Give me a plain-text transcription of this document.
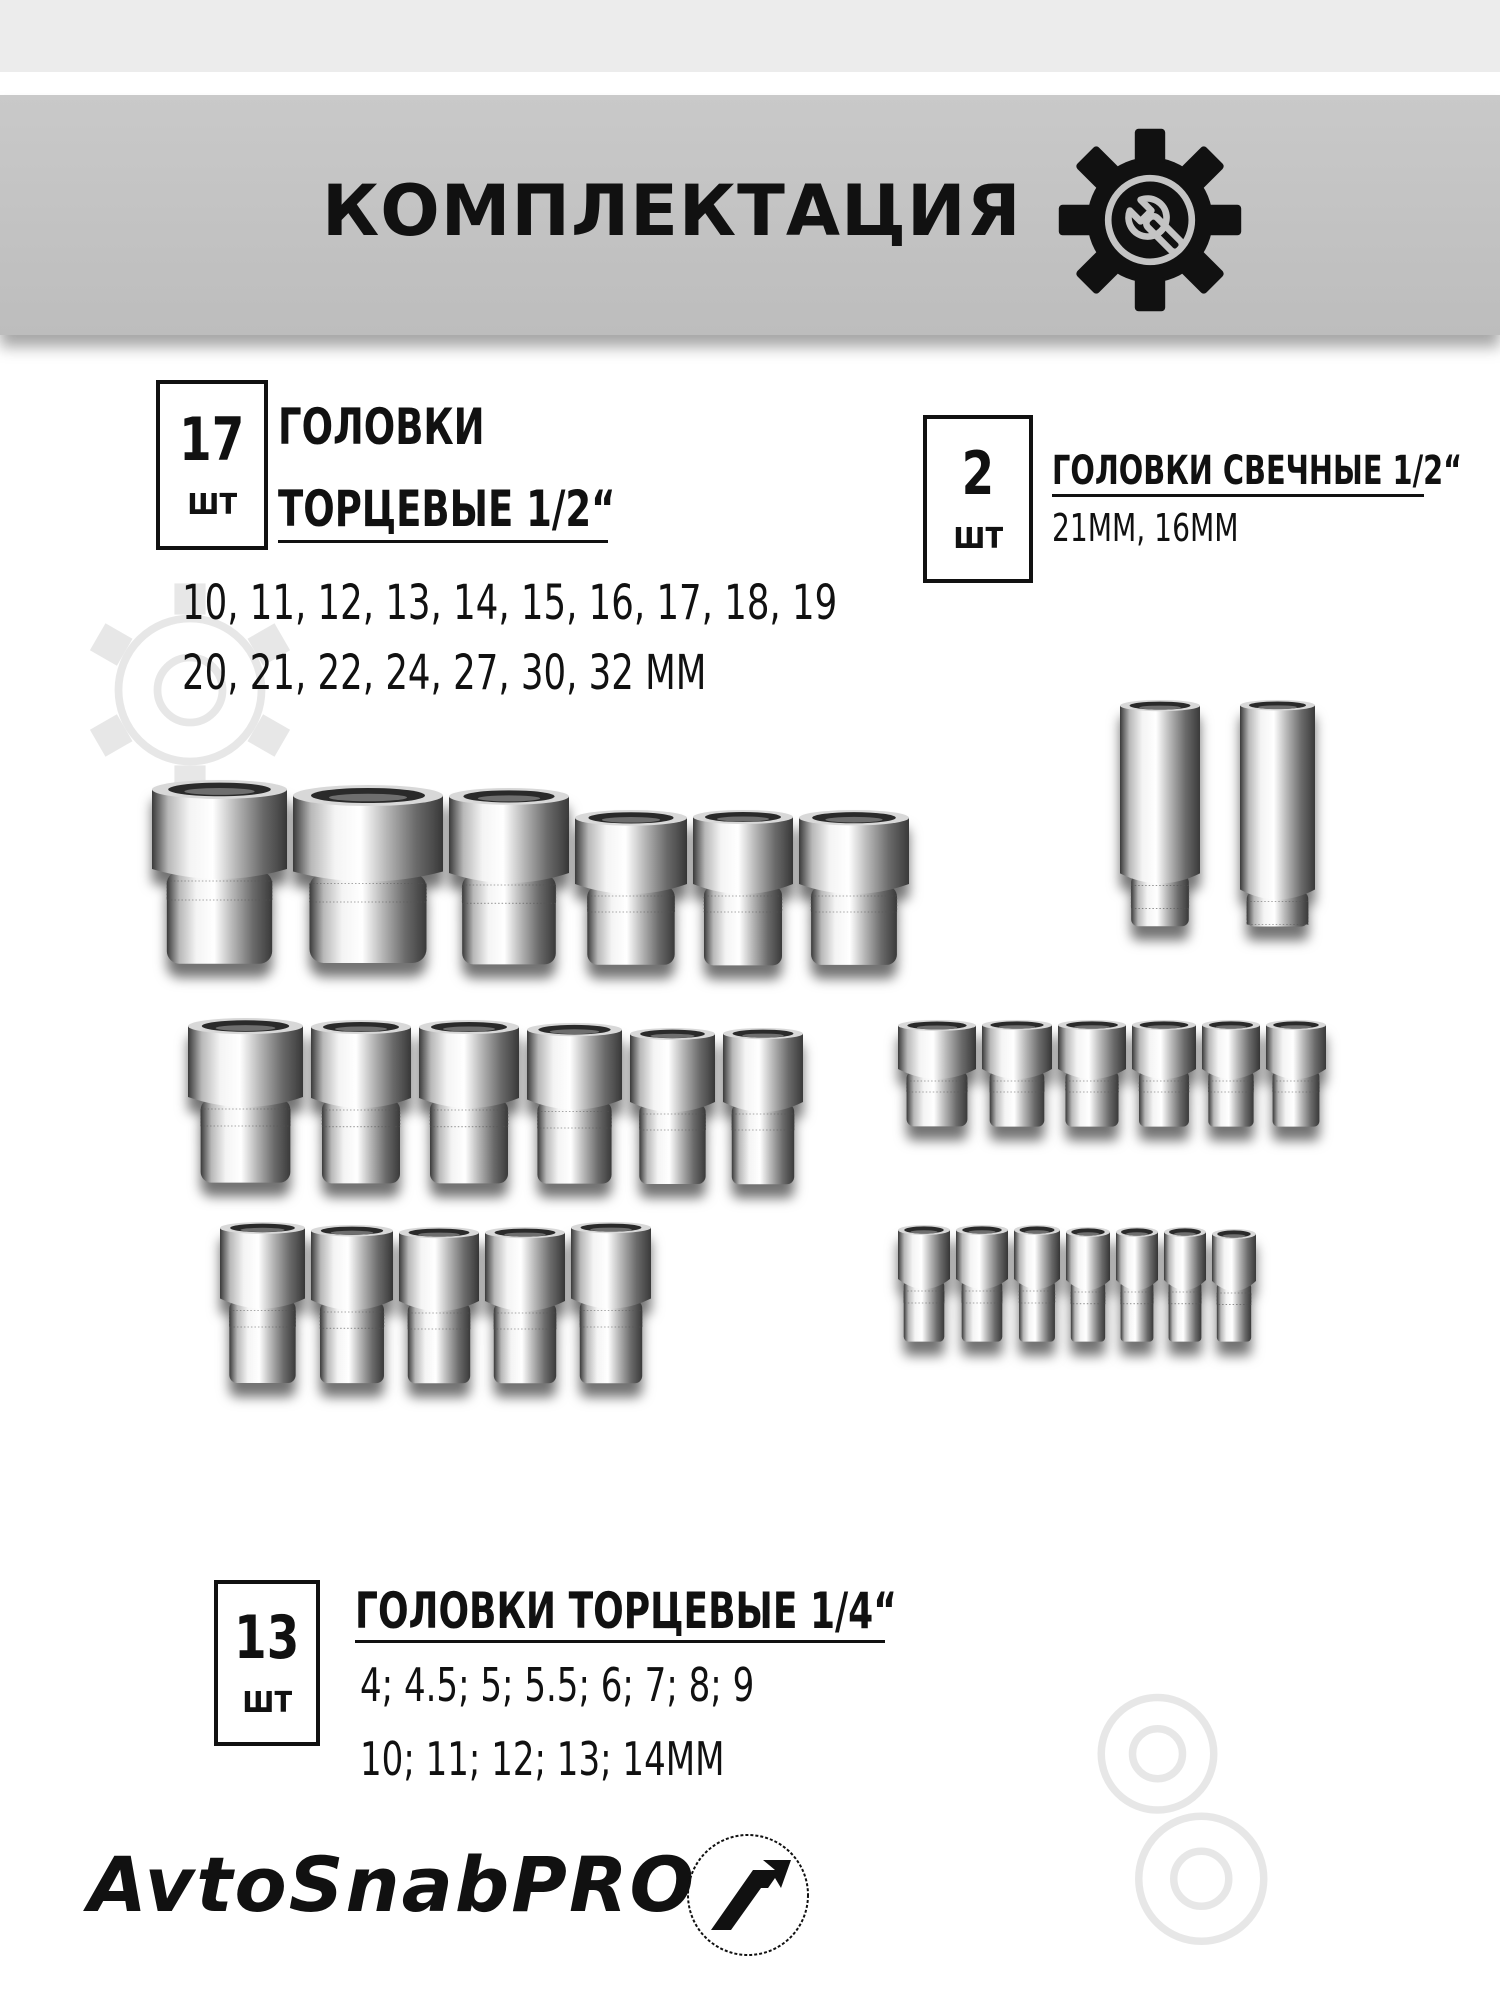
КОМПЛЕКТАЦИЯ
17
шт
ГОЛОВКИ
ТОРЦЕВЫЕ 1/2“
10, 11, 12, 13, 14, 15, 16, 17, 18, 19
20, 21, 22, 24, 27, 30, 32 ММ
2
шт
ГОЛОВКИ СВЕЧНЫЕ 1/2“
21ММ, 16ММ
13
шт
ГОЛОВКИ ТОРЦЕВЫЕ 1/4“
4; 4.5; 5; 5.5; 6; 7; 8; 9
10; 11; 12; 13; 14ММ
AvtoSnabPRO
